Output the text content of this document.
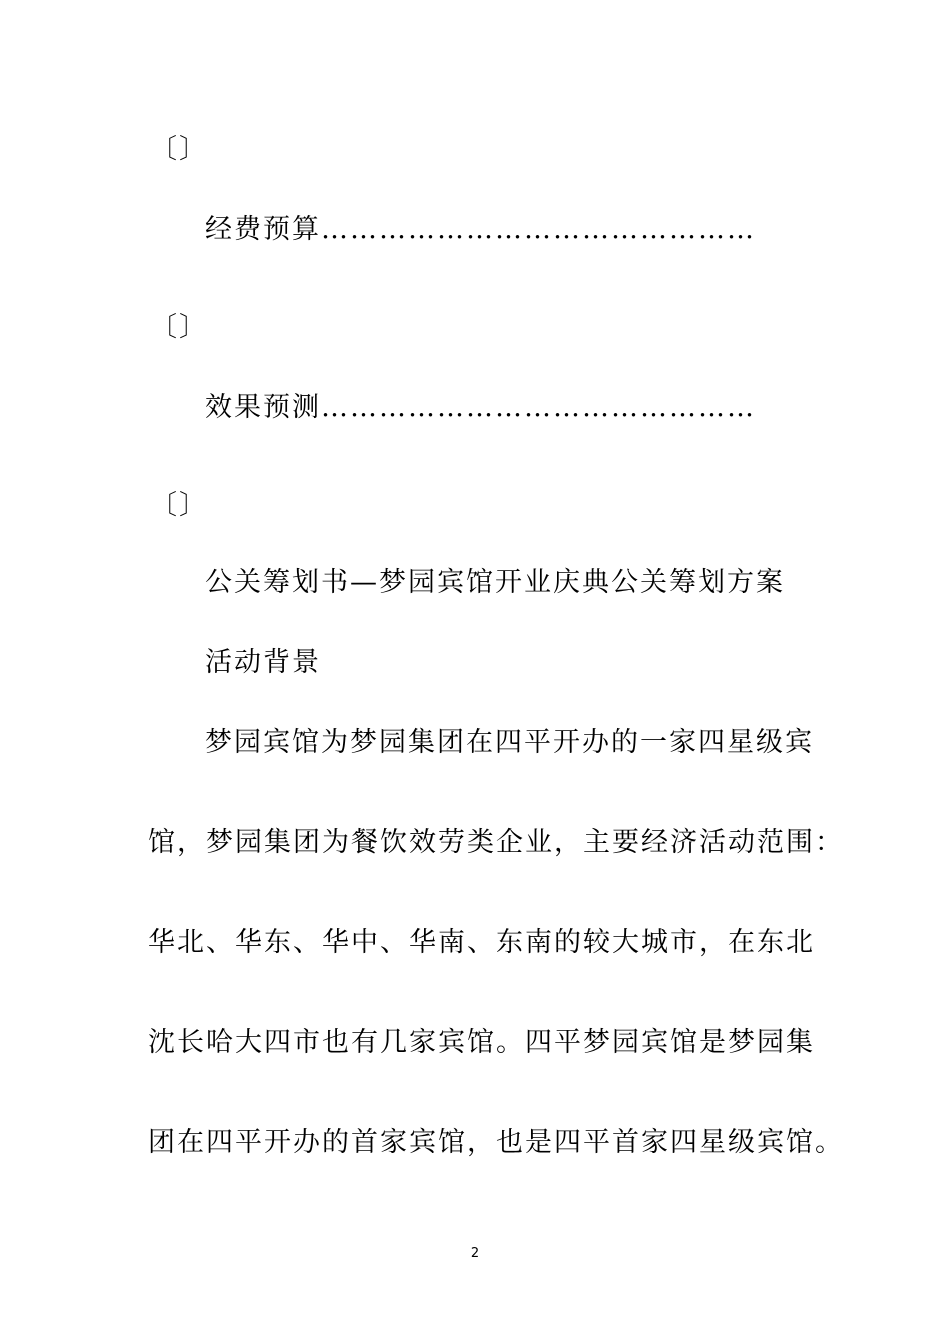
〔〕
经费预算………………………………………
〔〕
效果预测………………………………………
〔〕
公关筹划书—梦园宾馆开业庆典公关筹划方案
活动背景
梦园宾馆为梦园集团在四平开办的一家四星级宾
馆，梦园集团为餐饮效劳类企业，主要经济活动范围：
华北、华东、华中、华南、东南的较大城市，在东北
沈长哈大四市也有几家宾馆。四平梦园宾馆是梦园集
团在四平开办的首家宾馆，也是四平首家四星级宾馆。
2
